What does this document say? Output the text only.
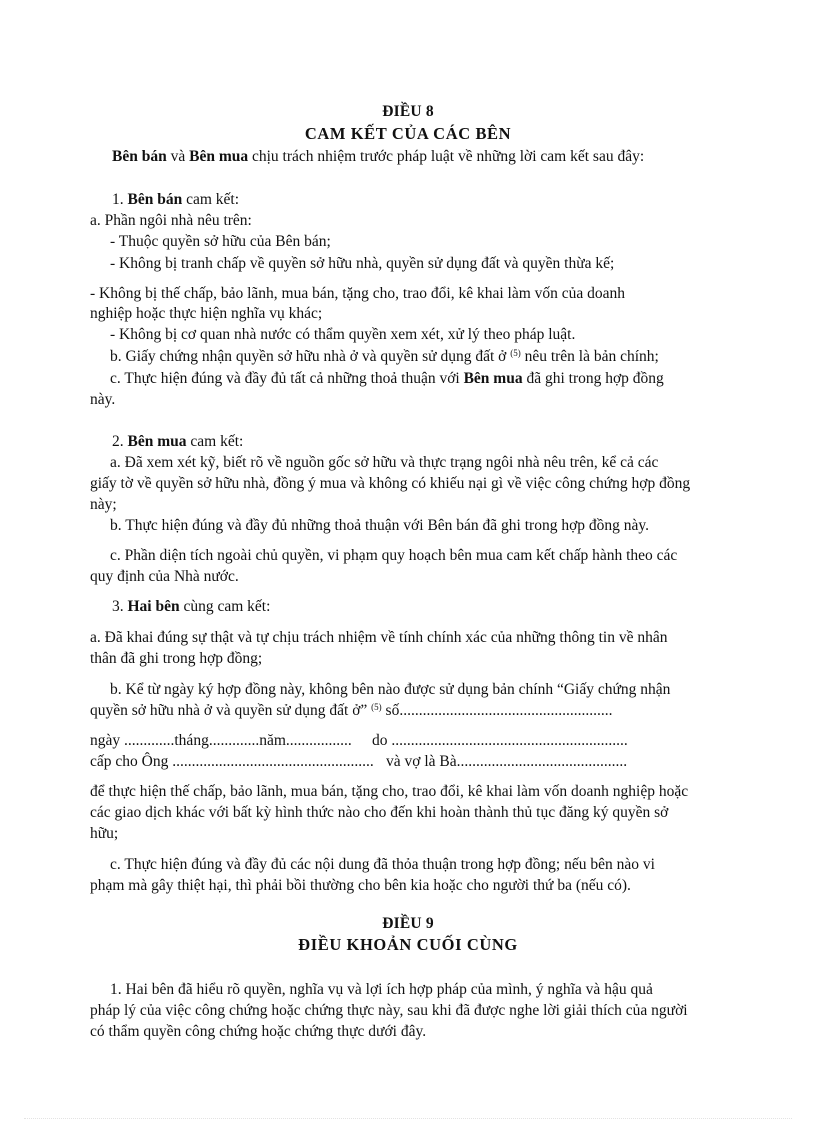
ĐIỀU 8
CAM KẾT CỦA CÁC BÊN
Bên bán và Bên mua chịu trách nhiệm trước pháp luật về những lời cam kết sau đây:
1. Bên bán cam kết:
a. Phần ngôi nhà nêu trên:
- Thuộc quyền sở hữu của Bên bán;
- Không bị tranh chấp về quyền sở hữu nhà, quyền sử dụng đất và quyền thừa kế;
- Không bị thế chấp, bảo lãnh, mua bán, tặng cho, trao đổi, kê khai làm vốn của doanh
nghiệp hoặc thực hiện nghĩa vụ khác;
- Không bị cơ quan nhà nước có thẩm quyền xem xét, xử lý theo pháp luật.
b. Giấy chứng nhận quyền sở hữu nhà ở và quyền sử dụng đất ở $^{(5)}$ nêu trên là bản chính;
c. Thực hiện đúng và đầy đủ tất cả những thoả thuận với Bên mua đã ghi trong hợp đồng
này.
2. Bên mua cam kết:
a. Đã xem xét kỹ, biết rõ về nguồn gốc sở hữu và thực trạng ngôi nhà nêu trên, kể cả các
giấy tờ về quyền sở hữu nhà, đồng ý mua và không có khiếu nại gì về việc công chứng hợp đồng
này;
b. Thực hiện đúng và đầy đủ những thoả thuận với Bên bán đã ghi trong hợp đồng này.
c. Phần diện tích ngoài chủ quyền, vi phạm quy hoạch bên mua cam kết chấp hành theo các
quy định của Nhà nước.
3. Hai bên cùng cam kết:
a. Đã khai đúng sự thật và tự chịu trách nhiệm về tính chính xác của những thông tin về nhân
thân đã ghi trong hợp đồng;
b. Kể từ ngày ký hợp đồng này, không bên nào được sử dụng bản chính “Giấy chứng nhận
quyền sở hữu nhà ở và quyền sử dụng đất ở” $^{(5)}$ số.......................................................
ngày .............tháng.............năm................. do .............................................................
cấp cho Ông .................................................... và vợ là Bà............................................
để thực hiện thế chấp, bảo lãnh, mua bán, tặng cho, trao đổi, kê khai làm vốn doanh nghiệp hoặc
các giao dịch khác với bất kỳ hình thức nào cho đến khi hoàn thành thủ tục đăng ký quyền sở
hữu;
c. Thực hiện đúng và đầy đủ các nội dung đã thỏa thuận trong hợp đồng; nếu bên nào vi
phạm mà gây thiệt hại, thì phải bồi thường cho bên kia hoặc cho người thứ ba (nếu có).
ĐIỀU 9
ĐIỀU KHOẢN CUỐI CÙNG
1. Hai bên đã hiểu rõ quyền, nghĩa vụ và lợi ích hợp pháp của mình, ý nghĩa và hậu quả
pháp lý của việc công chứng hoặc chứng thực này, sau khi đã được nghe lời giải thích của người
có thẩm quyền công chứng hoặc chứng thực dưới đây.
